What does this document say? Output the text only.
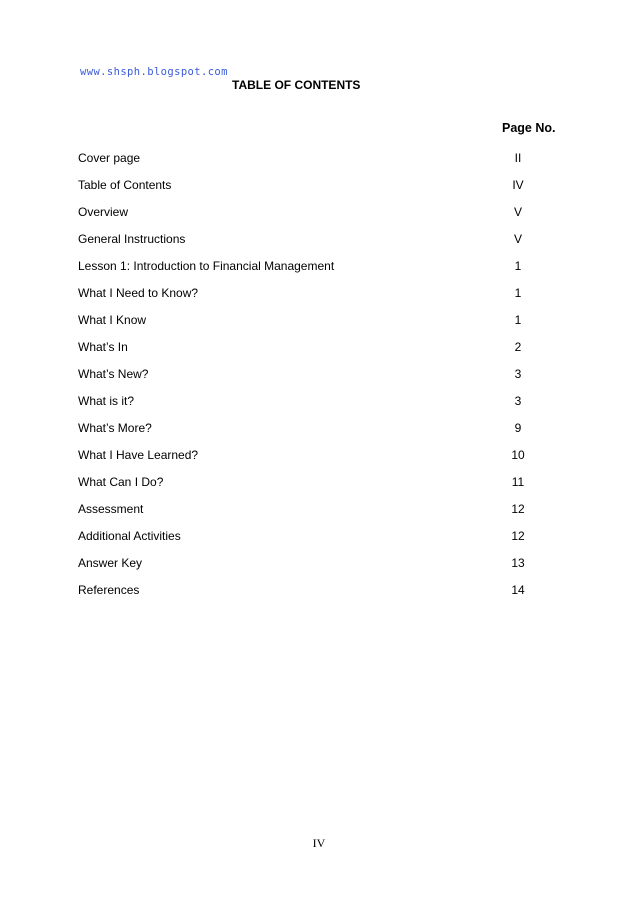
www.shsph.blogspot.com
TABLE OF CONTENTS
Page No.
Cover page	II
Table of Contents	IV
Overview	V
General Instructions	V
Lesson 1: Introduction to Financial Management	1
What I Need to Know?	1
What I Know	1
What’s In	2
What’s New?	3
What is it?	3
What’s More?	9
What I Have Learned?	10
What Can I Do?	11
Assessment	12
Additional Activities	12
Answer Key	13
References	14
IV
